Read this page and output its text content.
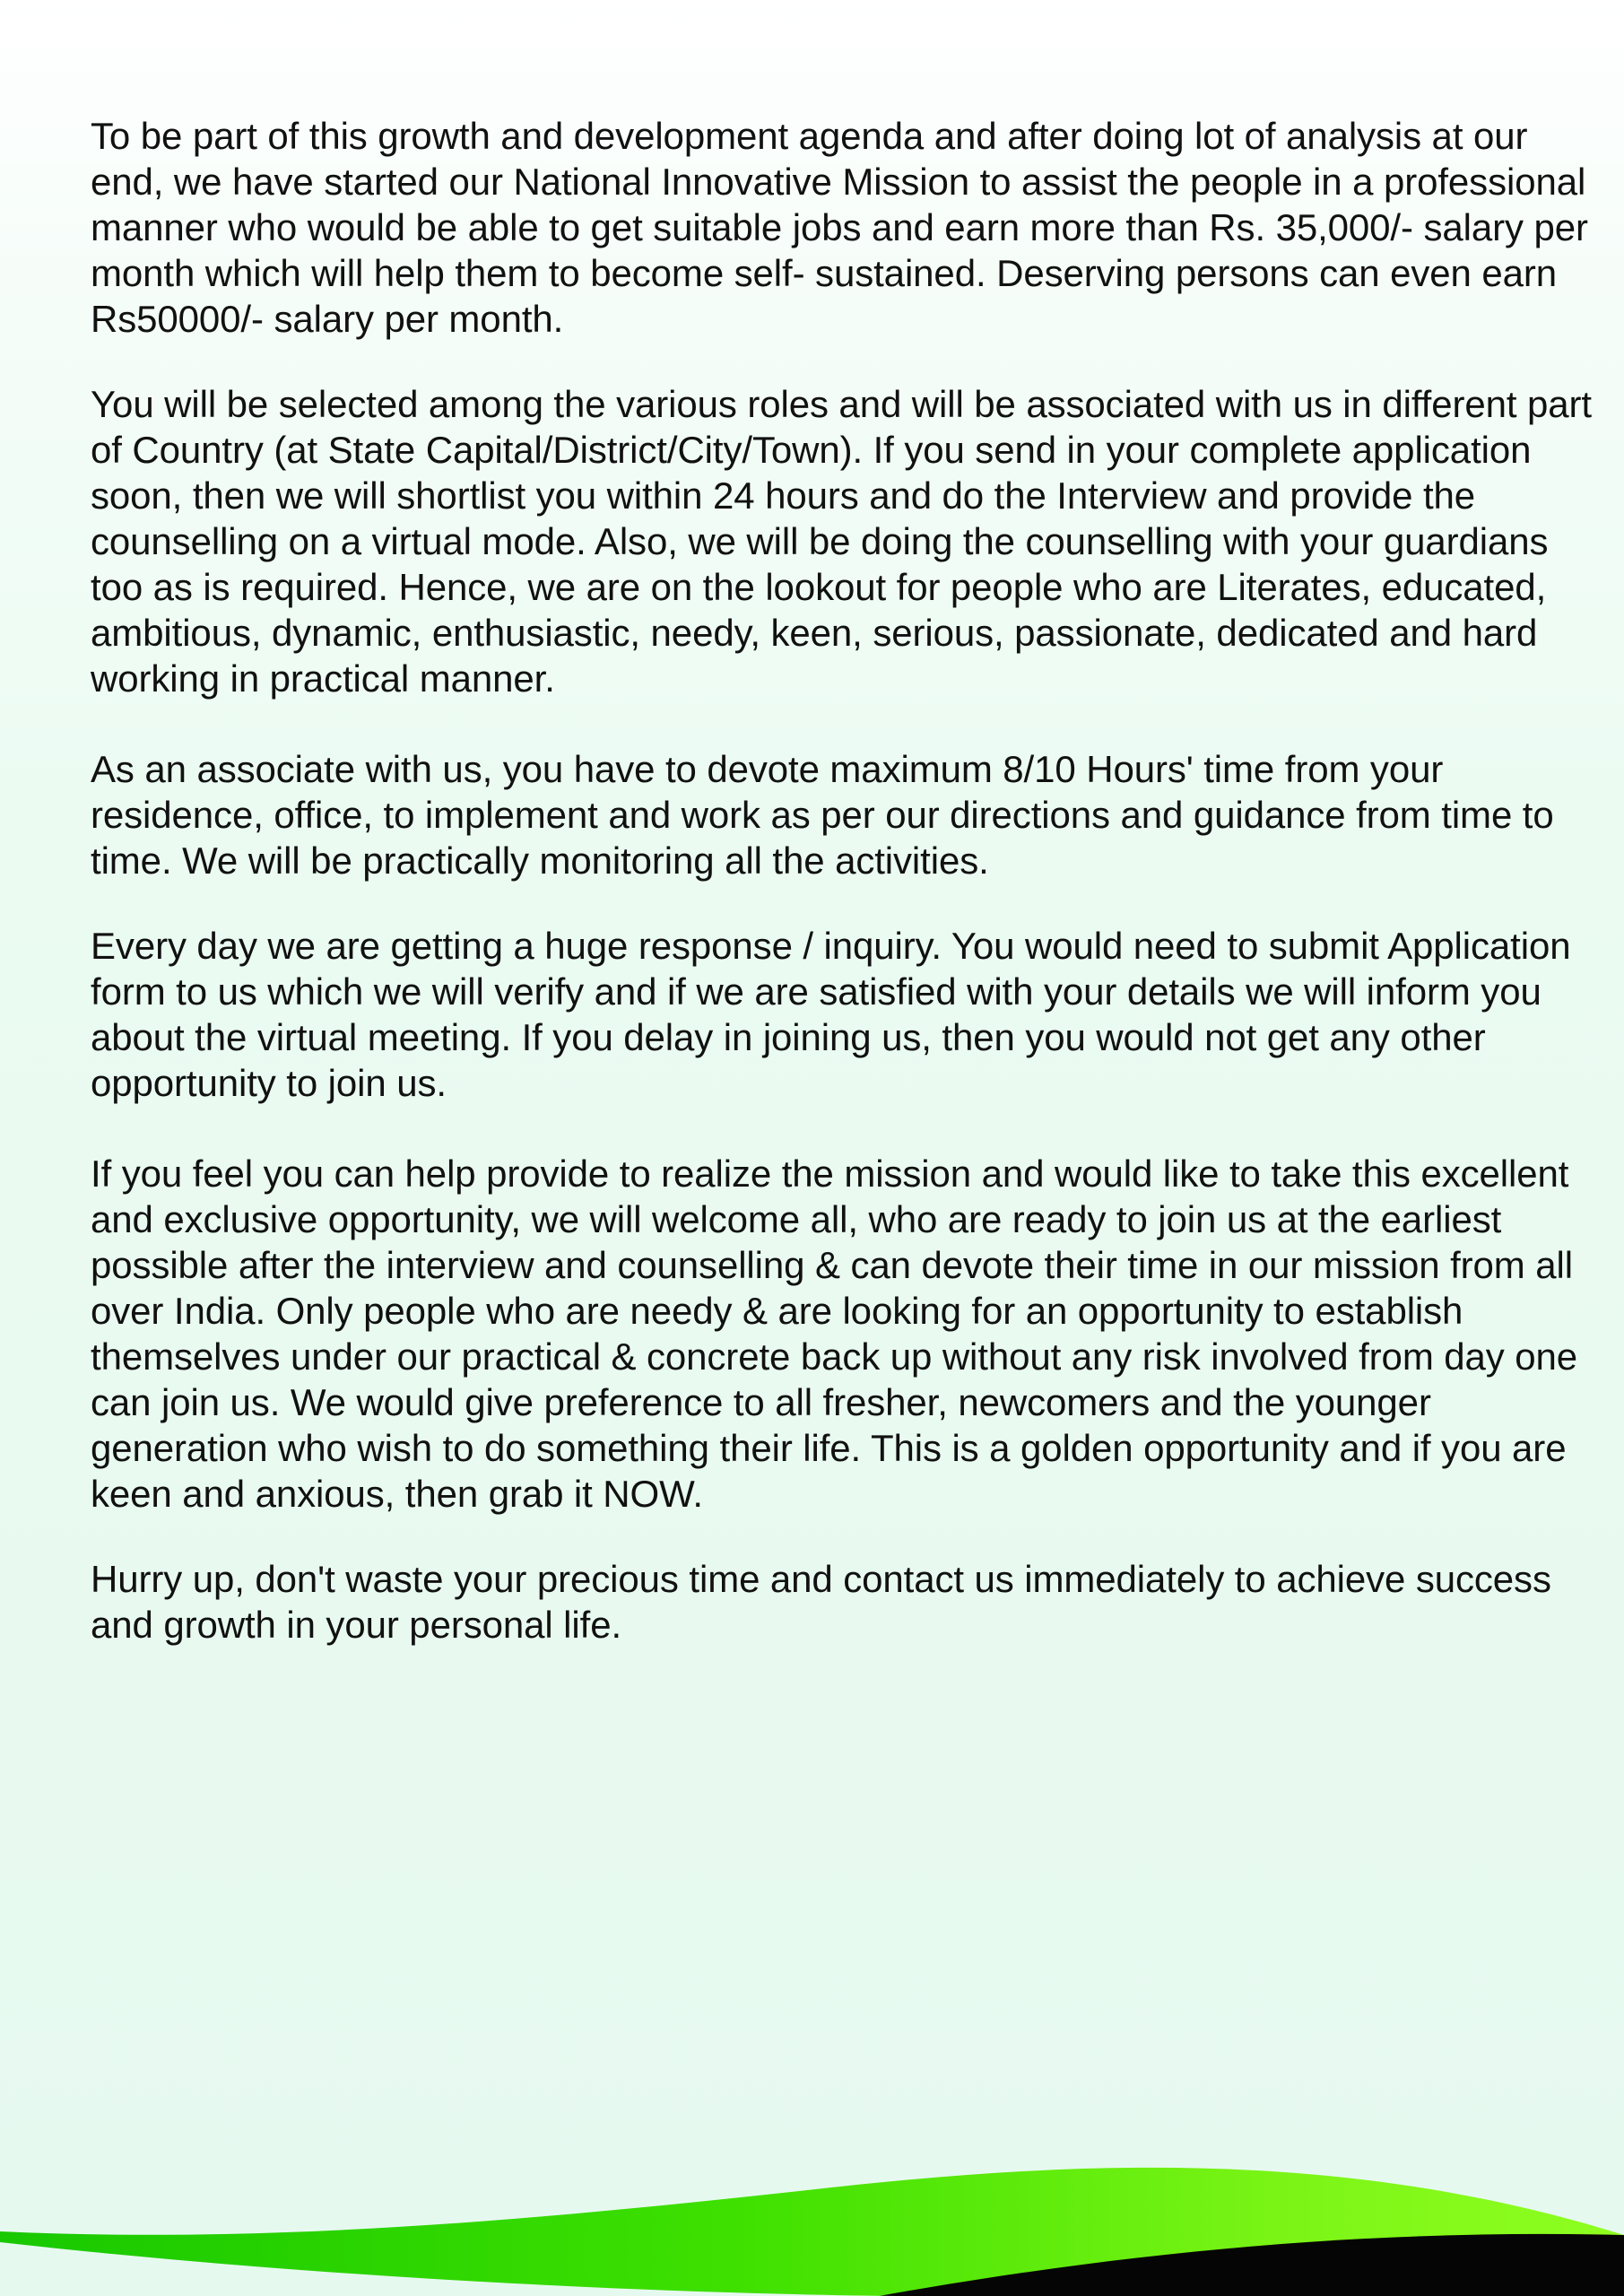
To be part of this growth and development agenda and after doing lot of analysis at our end, we have started our National Innovative Mission to assist the people in a professional manner who would be able to get suitable jobs and earn more than Rs. 35,000/- salary per month which will help them to become self- sustained. Deserving persons can even earn Rs50000/- salary per month.

You will be selected among the various roles and will be associated with us in different part of Country (at State Capital/District/City/Town). If you send in your complete application soon, then we will shortlist you within 24 hours and do the Interview and provide the counselling on a virtual mode. Also, we will be doing the counselling with your guardians too as is required. Hence, we are on the lookout for people who are Literates, educated, ambitious, dynamic, enthusiastic, needy, keen, serious, passionate, dedicated and hard working in practical manner.

As an associate with us, you have to devote maximum 8/10 Hours' time from your residence, office, to implement and work as per our directions and guidance from time to time. We will be practically monitoring all the activities.

Every day we are getting a huge response / inquiry. You would need to submit Application form to us which we will verify and if we are satisfied with your details we will inform you about the virtual meeting. If you delay in joining us, then you would not get any other opportunity to join us.

If you feel you can help provide to realize the mission and would like to take this excellent and exclusive opportunity, we will welcome all, who are ready to join us at the earliest possible after the interview and counselling & can devote their time in our mission from all over India. Only people who are needy & are looking for an opportunity to establish themselves under our practical & concrete back up without any risk involved from day one can join us. We would give preference to all fresher, newcomers and the younger generation who wish to do something their life. This is a golden opportunity and if you are keen and anxious, then grab it NOW.

Hurry up, don't waste your precious time and contact us immediately to achieve success and growth in your personal life.
